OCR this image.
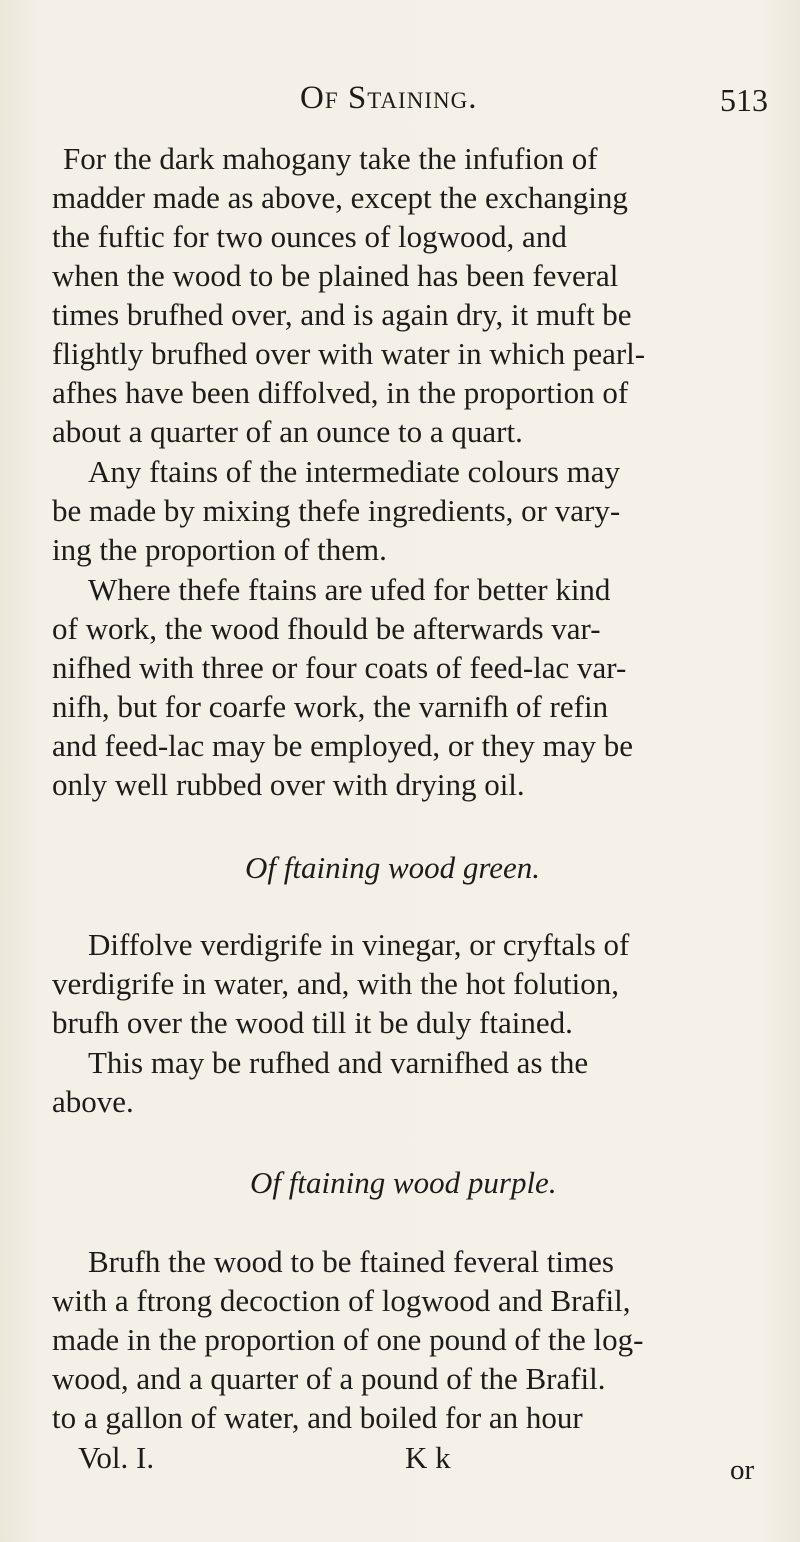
Of Staining.	513
For the dark mahogany take the infufion of
madder made as above, except the exchanging
the fuftic for two ounces of logwood, and
when the wood to be plained has been feveral
times brufhed over, and is again dry, it muft be
flightly brufhed over with water in which pearl-
afhes have been diffolved, in the proportion of
about a quarter of an ounce to a quart.
Any ftains of the intermediate colours may
be made by mixing thefe ingredients, or vary-
ing the proportion of them.
Where thefe ftains are ufed for better kind
of work, the wood fhould be afterwards var-
nifhed with three or four coats of feed-lac var-
nifh, but for coarfe work, the varnifh of refin
and feed-lac may be employed, or they may be
only well rubbed over with drying oil.
Of ftaining wood green.
Diffolve verdigrife in vinegar, or cryftals of
verdigrife in water, and, with the hot folution,
brufh over the wood till it be duly ftained.
This may be rufhed and varnifhed as the
above.
Of ftaining wood purple.
Brufh the wood to be ftained feveral times
with a ftrong decoction of logwood and Brafil,
made in the proportion of one pound of the log-
wood, and a quarter of a pound of the Brafil.
to a gallon of water, and boiled for an hour
Vol. I.	K k	or
